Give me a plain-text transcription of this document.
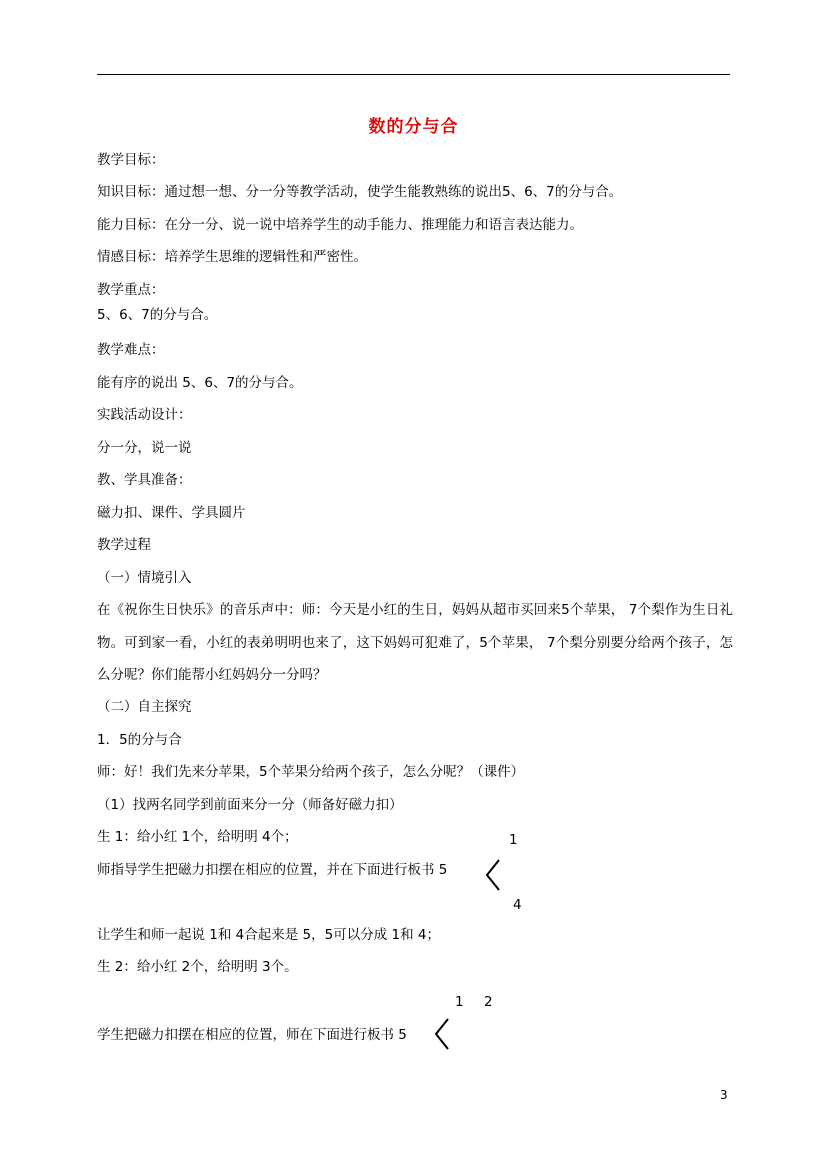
数的分与合
教学目标：
知识目标：通过想一想、分一分等教学活动，使学生能教熟练的说出5、6、7的分与合。
能力目标：在分一分、说一说中培养学生的动手能力、推理能力和语言表达能力。
情感目标：培养学生思维的逻辑性和严密性。
教学重点：
5、6、7的分与合。
教学难点：
能有序的说出 5、6、7的分与合。
实践活动设计：
分一分，说一说
教、学具准备：
磁力扣、课件、学具圆片
教学过程
（一）情境引入
在《祝你生日快乐》的音乐声中：师：今天是小红的生日，妈妈从超市买回来5个苹果， 7个梨作为生日礼物。可到家一看，小红的表弟明明也来了，这下妈妈可犯难了，5个苹果， 7个梨分别要分给两个孩子，怎么分呢？你们能帮小红妈妈分一分吗？
（二）自主探究
1．5的分与合
师：好！我们先来分苹果，5个苹果分给两个孩子，怎么分呢？（课件）
（1）找两名同学到前面来分一分（师备好磁力扣）
生 1：给小红 1个，给明明 4个；	1
师指导学生把磁力扣摆在相应的位置，并在下面进行板书 5
4
让学生和师一起说 1和 4合起来是 5，5可以分成 1和 4；
生 2：给小红 2个，给明明 3个。
1 2
学生把磁力扣摆在相应的位置，师在下面进行板书 5
3
